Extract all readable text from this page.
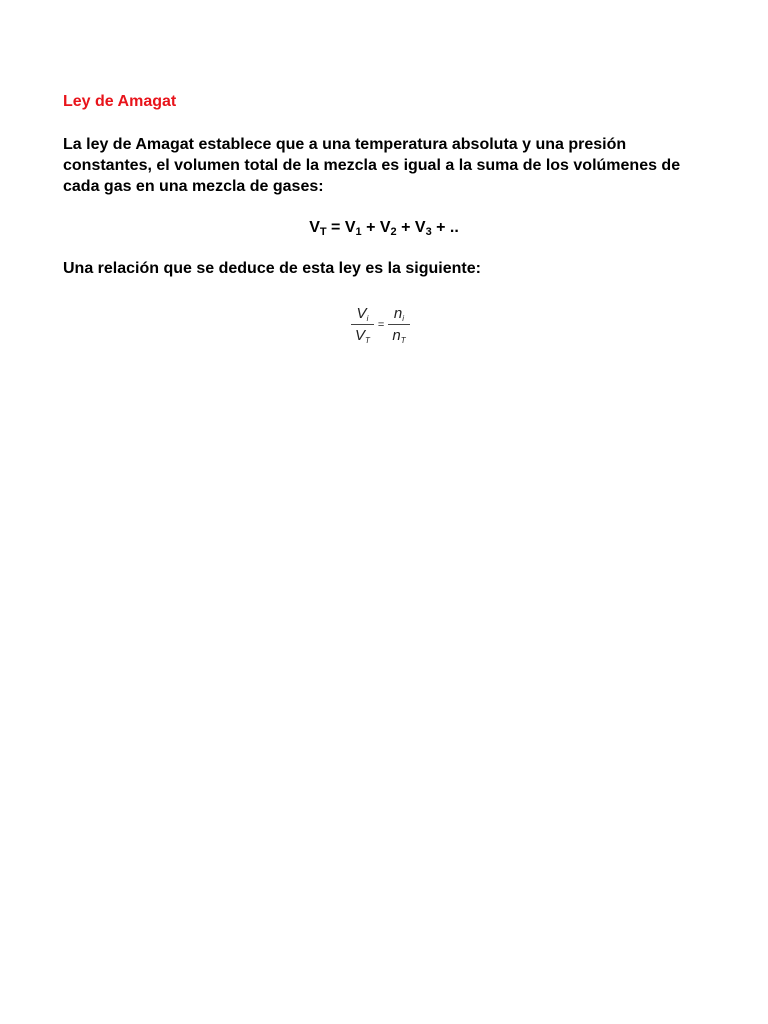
Ley de Amagat

La ley de Amagat establece que a una temperatura absoluta y una presión constantes, el volumen total de la mezcla es igual a la suma de los volúmenes de cada gas en una mezcla de gases:

$V_T = V_1 + V_2 + V_3$ + ..

Una relación que se deduce de esta ley es la siguiente:

$\frac{V_i}{V_T} = \frac{n_i}{n_T}$
